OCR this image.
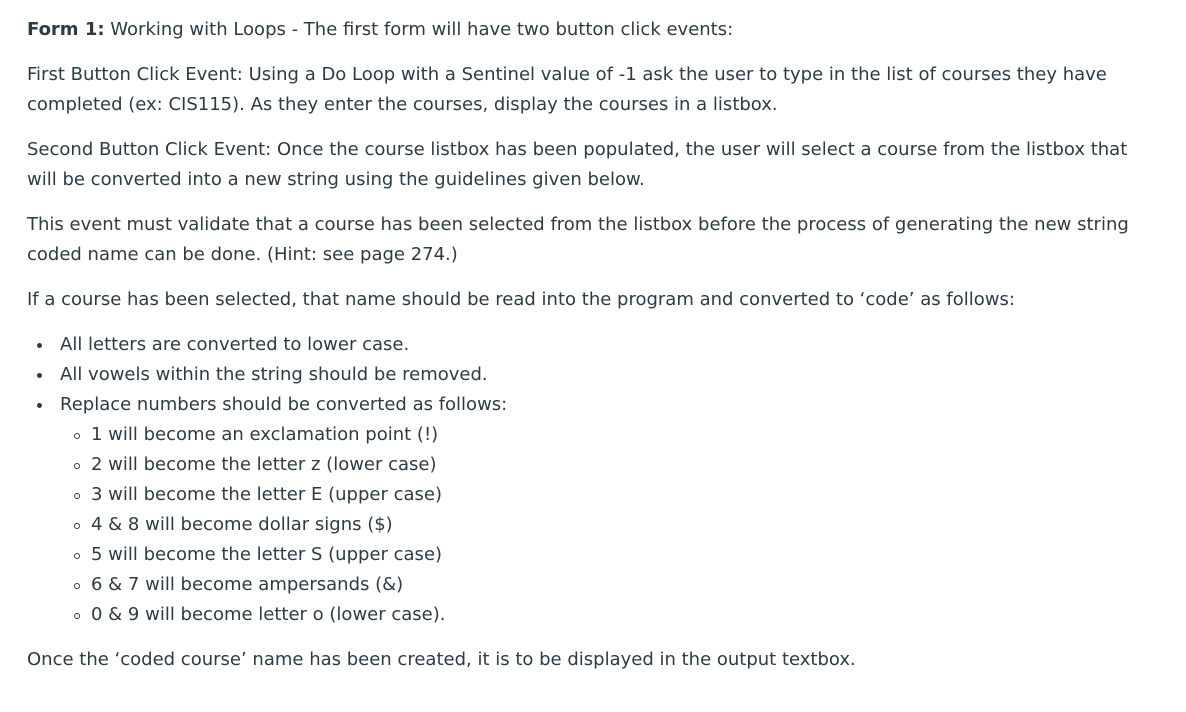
Form 1: Working with Loops - The first form will have two button click events:

First Button Click Event: Using a Do Loop with a Sentinel value of -1 ask the user to type in the list of courses they have completed (ex: CIS115). As they enter the courses, display the courses in a listbox.

Second Button Click Event: Once the course listbox has been populated, the user will select a course from the listbox that will be converted into a new string using the guidelines given below.

This event must validate that a course has been selected from the listbox before the process of generating the new string coded name can be done. (Hint: see page 274.)

If a course has been selected, that name should be read into the program and converted to ‘code’ as follows:

All letters are converted to lower case.
All vowels within the string should be removed.
Replace numbers should be converted as follows:
1 will become an exclamation point (!)
2 will become the letter z (lower case)
3 will become the letter E (upper case)
4 & 8 will become dollar signs ($)
5 will become the letter S (upper case)
6 & 7 will become ampersands (&)
0 & 9 will become letter o (lower case).

Once the ‘coded course’ name has been created, it is to be displayed in the output textbox.
